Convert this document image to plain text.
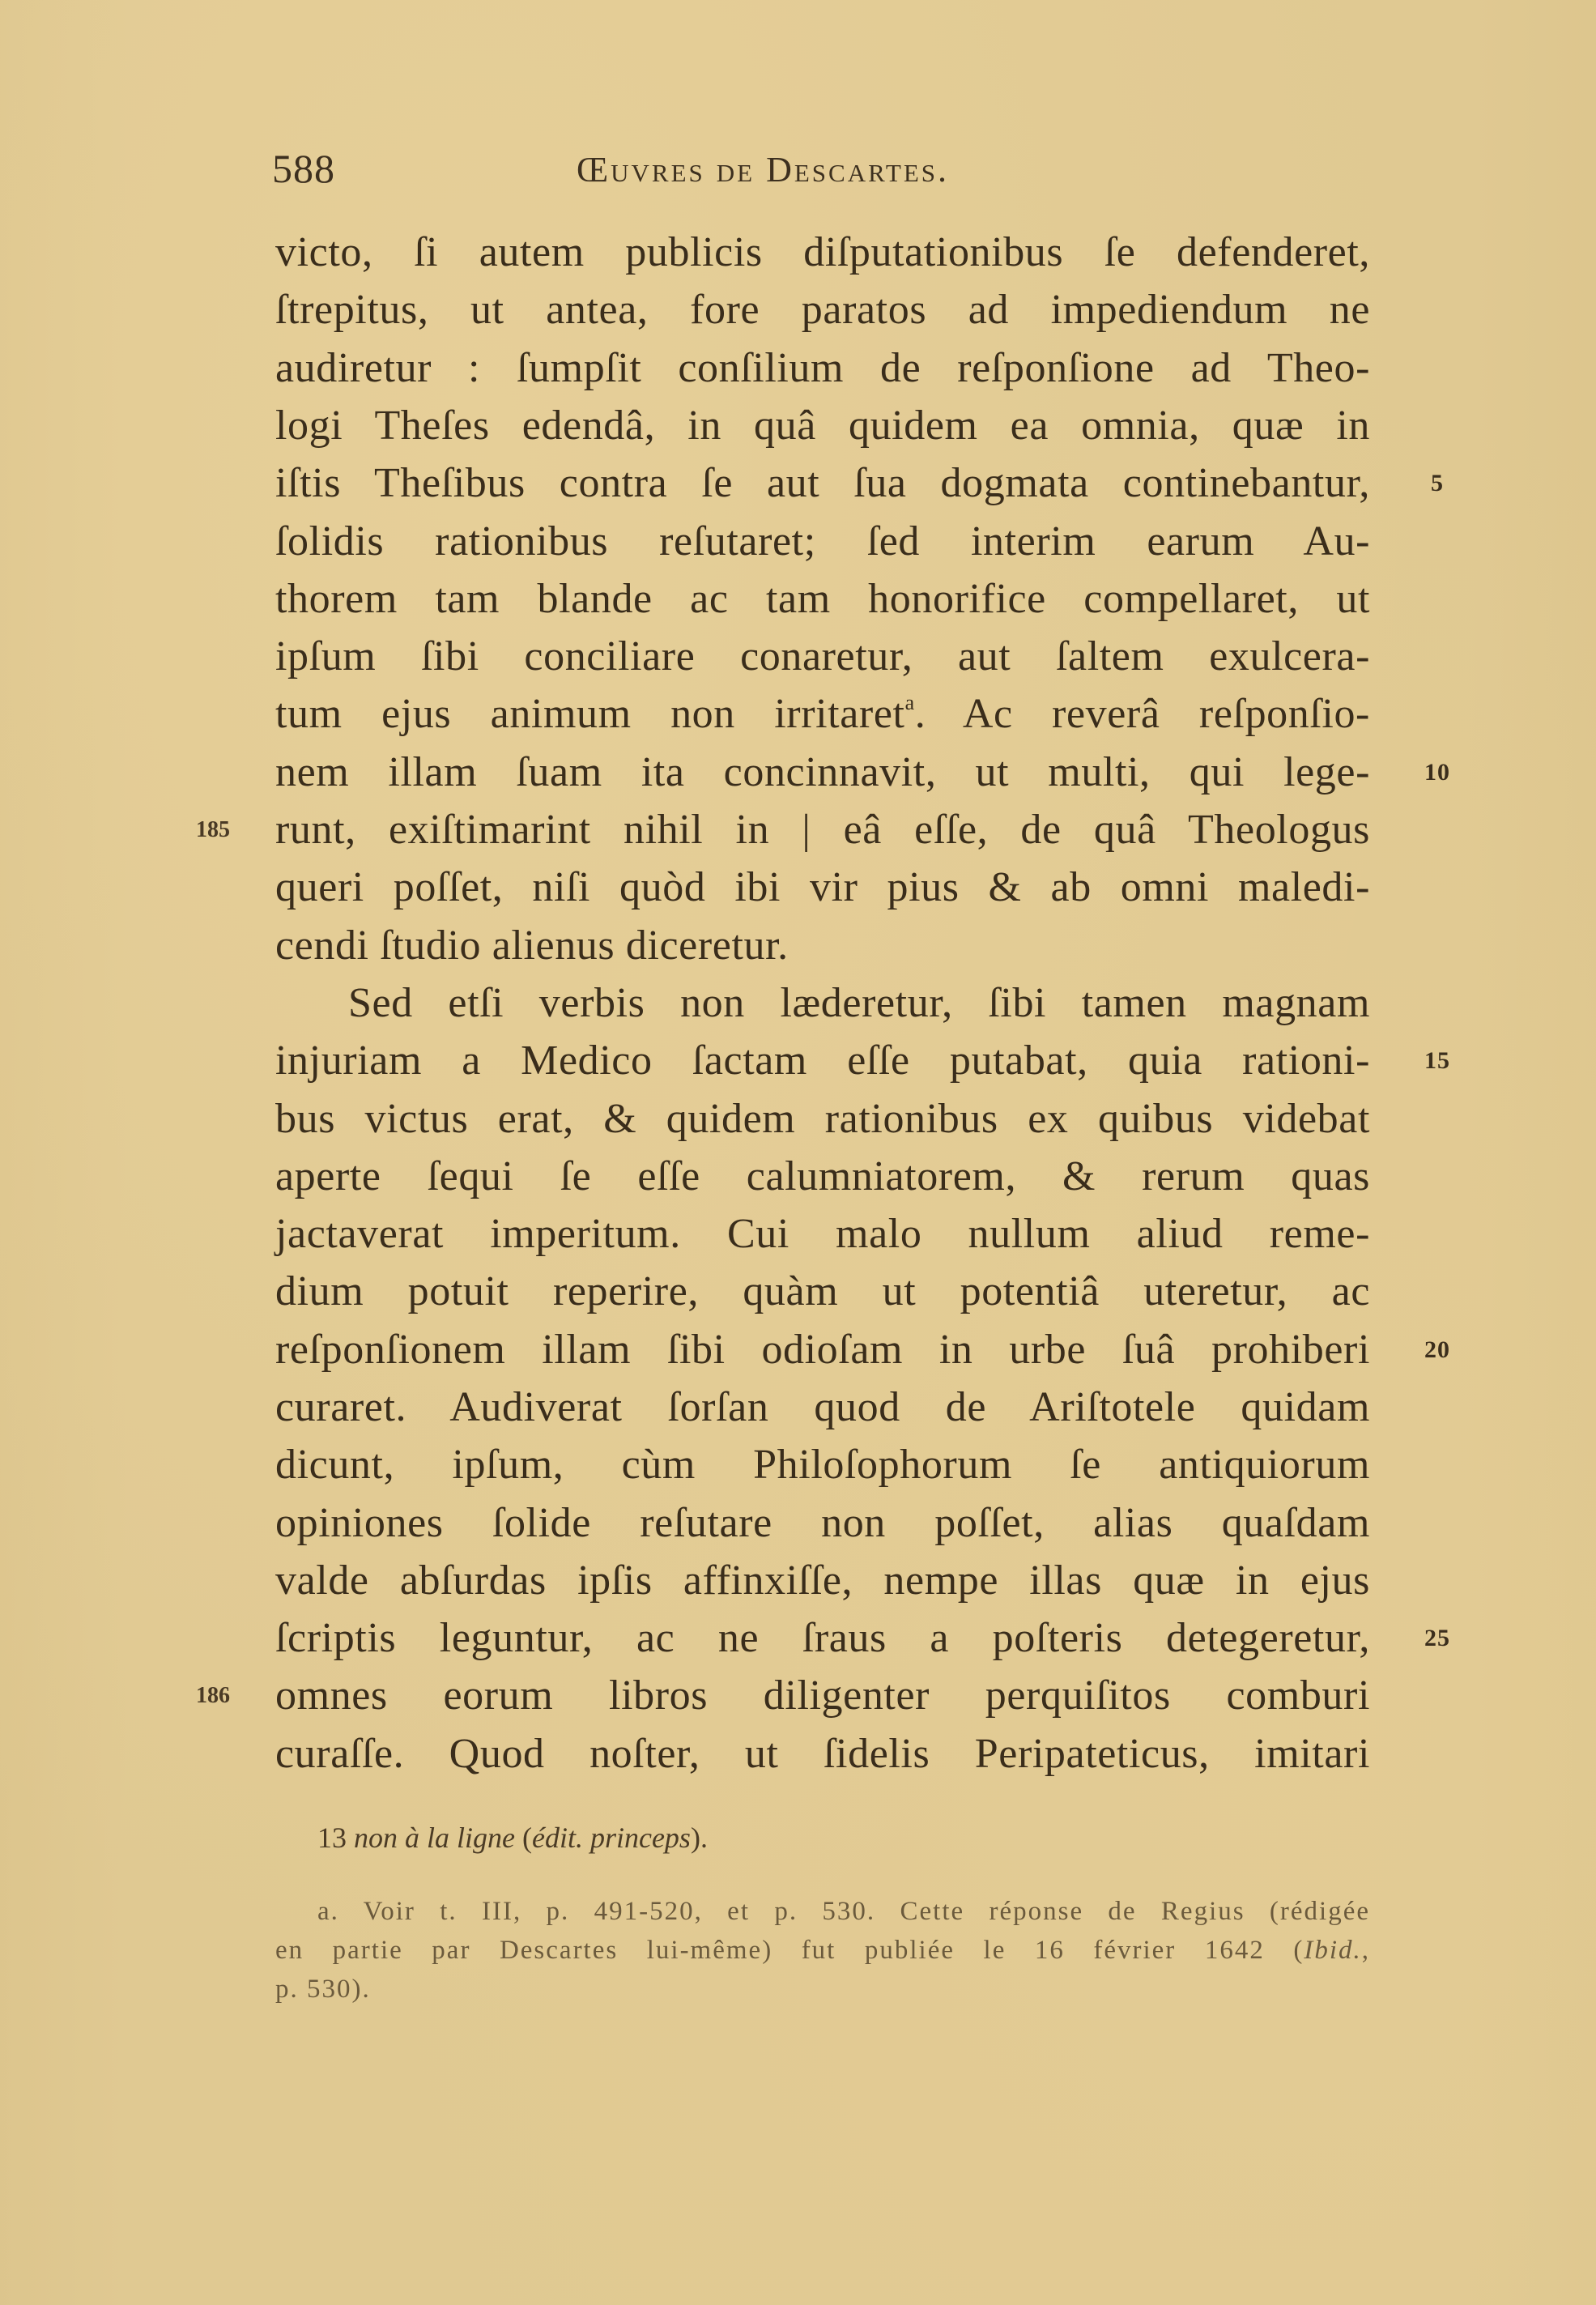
588	Œuvres de Descartes.
victo, ſi autem publicis diſputationibus ſe defenderet,
ſtrepitus, ut antea, fore paratos ad impediendum ne
audiretur : ſumpſit conſilium de reſponſione ad Theo-
logi Theſes edendâ, in quâ quidem ea omnia, quæ in
iſtis Theſibus contra ſe aut ſua dogmata continebantur,
ſolidis rationibus reſutaret; ſed interim earum Au-
thorem tam blande ac tam honorifice compellaret, ut
ipſum ſibi conciliare conaretur, aut ſaltem exulcera-
tum ejus animum non irritaret$^a$. Ac reverâ reſponſio-
nem illam ſuam ita concinnavit, ut multi, qui lege-
runt, exiſtimarint nihil in | eâ eſſe, de quâ Theologus
queri poſſet, niſi quòd ibi vir pius & ab omni maledi-
cendi ſtudio alienus diceretur.
Sed etſi verbis non læderetur, ſibi tamen magnam
injuriam a Medico ſactam eſſe putabat, quia rationi-
bus victus erat, & quidem rationibus ex quibus videbat
aperte ſequi ſe eſſe calumniatorem, & rerum quas
jactaverat imperitum. Cui malo nullum aliud reme-
dium potuit reperire, quàm ut potentiâ uteretur, ac
reſponſionem illam ſibi odioſam in urbe ſuâ prohiberi
curaret. Audiverat ſorſan quod de Ariſtotele quidam
dicunt, ipſum, cùm Philoſophorum ſe antiquiorum
opiniones ſolide reſutare non poſſet, alias quaſdam
valde abſurdas ipſis affinxiſſe, nempe illas quæ in ejus
ſcriptis leguntur, ac ne ſraus a poſteris detegeretur,
omnes eorum libros diligenter perquiſitos comburi
curaſſe. Quod noſter, ut ſidelis Peripateticus, imitari
5
10
15
20
25
185
186
13 non à la ligne (édit. princeps).
a. Voir t. III, p. 491-520, et p. 530. Cette réponse de Regius (rédigée
en partie par Descartes lui-même) fut publiée le 16 février 1642 (Ibid.,
p. 530).
